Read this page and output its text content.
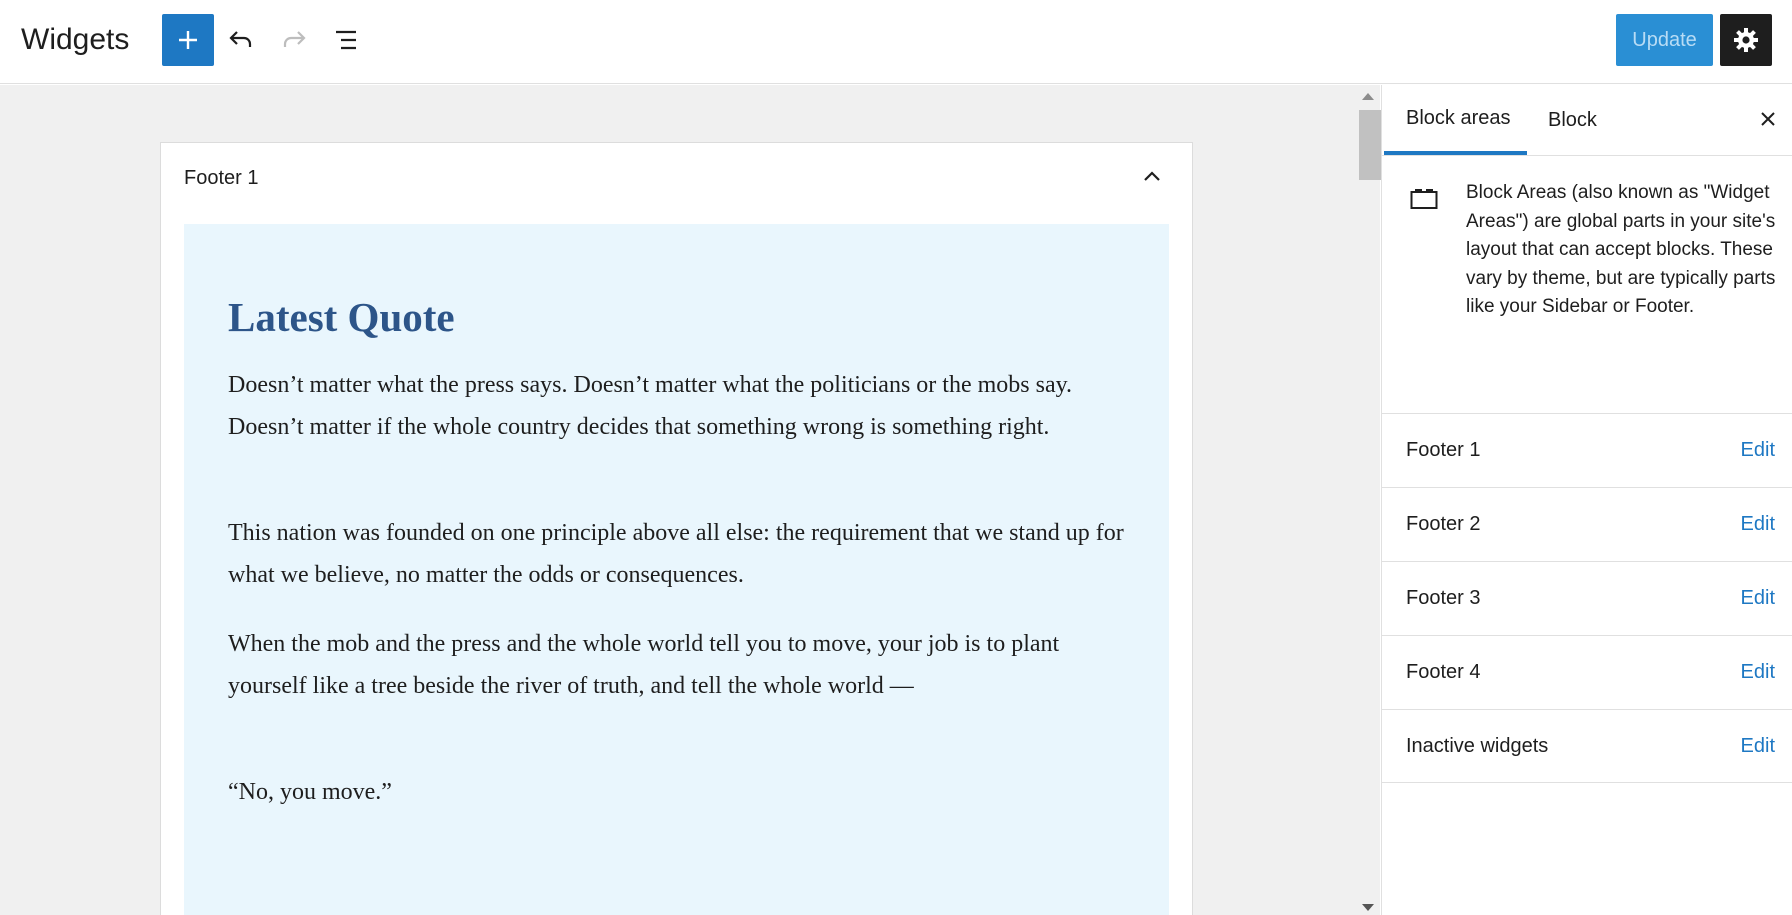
Widgets	Update
Footer 1
Latest Quote

Doesn’t matter what the press says. Doesn’t matter what the politicians or the mobs say. Doesn’t matter if the whole country decides that something wrong is something right.

This nation was founded on one principle above all else: the requirement that we stand up for what we believe, no matter the odds or consequences.

When the mob and the press and the whole world tell you to move, your job is to plant yourself like a tree beside the river of truth, and tell the whole world —

“No, you move.”

Block areas	Block

Block Areas (also known as "Widget Areas") are global parts in your site's layout that can accept blocks. These vary by theme, but are typically parts like your Sidebar or Footer.

Footer 1	Edit
Footer 2	Edit
Footer 3	Edit
Footer 4	Edit
Inactive widgets	Edit
